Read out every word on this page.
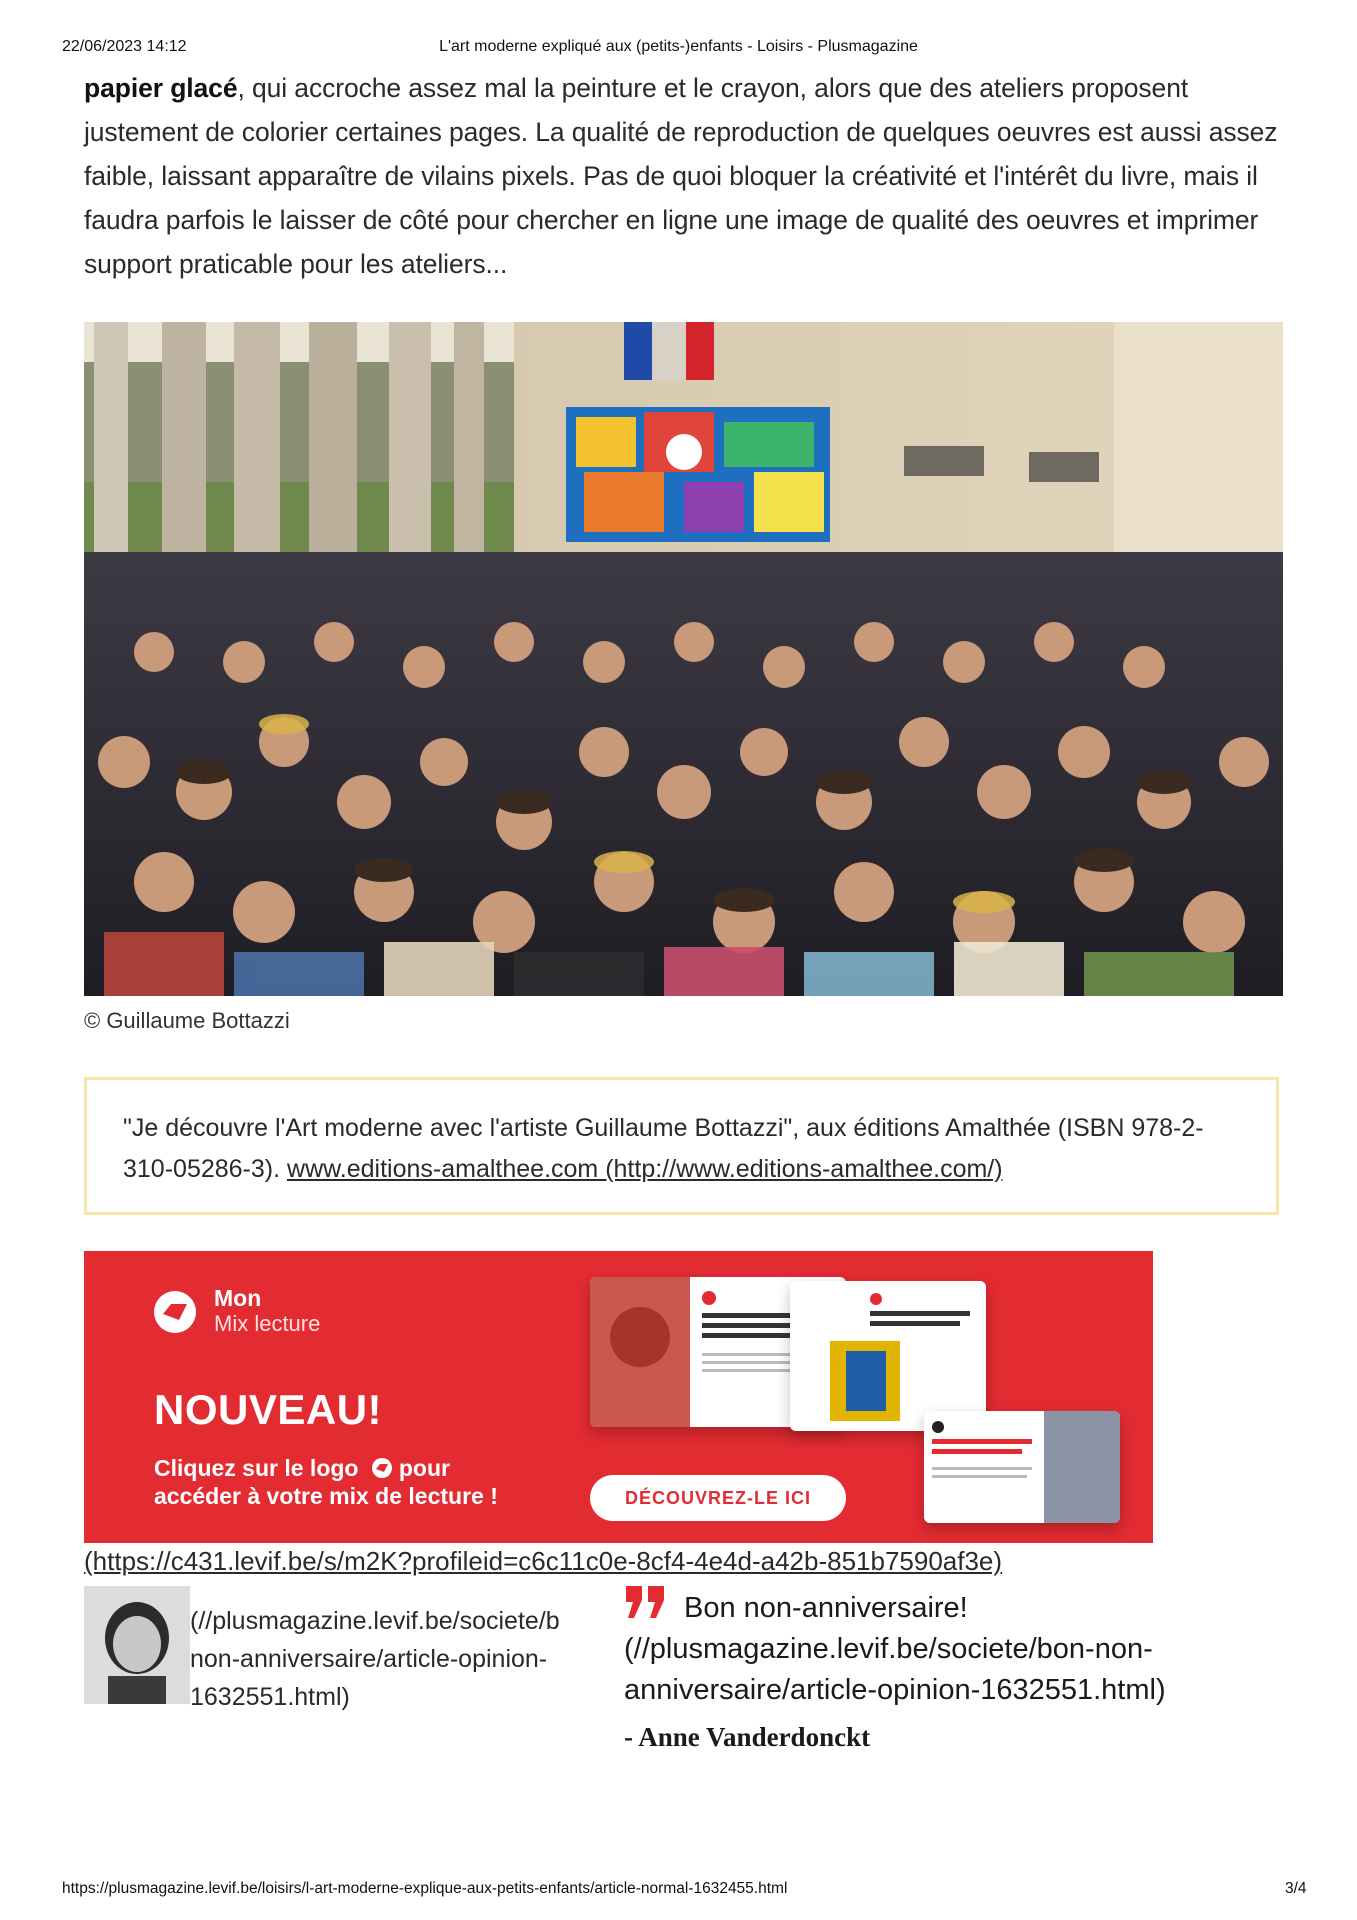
22/06/2023 14:12	L'art moderne expliqué aux (petits-)enfants - Loisirs - Plusmagazine
papier glacé, qui accroche assez mal la peinture et le crayon, alors que des ateliers proposent justement de colorier certaines pages. La qualité de reproduction de quelques oeuvres est aussi assez faible, laissant apparaître de vilains pixels. Pas de quoi bloquer la créativité et l'intérêt du livre, mais il faudra parfois le laisser de côté pour chercher en ligne une image de qualité des oeuvres et imprimer support praticable pour les ateliers...
© Guillaume Bottazzi
"Je découvre l'Art moderne avec l'artiste Guillaume Bottazzi", aux éditions Amalthée (ISBN 978-2-310-05286-3). www.editions-amalthee.com (http://www.editions-amalthee.com/)
Mon
Mix lecture
NOUVEAU!
Cliquez sur le logo pour
accéder à votre mix de lecture !	DÉCOUVREZ-LE ICI
(https://c431.levif.be/s/m2K?profileid=c6c11c0e-8cf4-4e4d-a42b-851b7590af3e)
(//plusmagazine.levif.be/societe/b
non-anniversaire/article-opinion-
1632551.html)
Bon non-anniversaire!
(//plusmagazine.levif.be/societe/bon-non-anniversaire/article-opinion-1632551.html)
- Anne Vanderdonckt
https://plusmagazine.levif.be/loisirs/l-art-moderne-explique-aux-petits-enfants/article-normal-1632455.html	3/4
